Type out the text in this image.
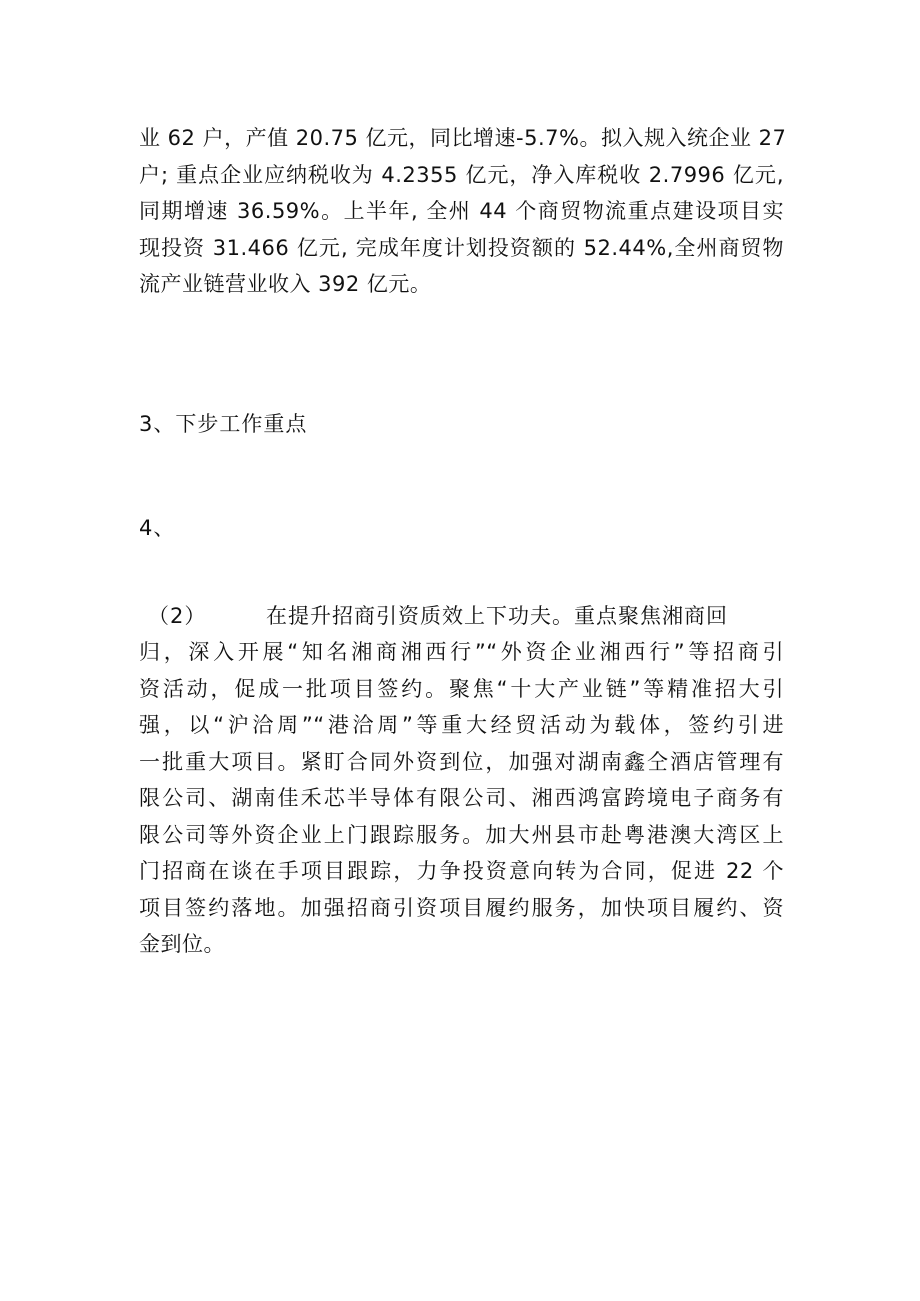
业 62 户，产值 20.75 亿元，同比增速-5.7%。拟入规入统企业 27
户; 重点企业应纳税收为 4.2355 亿元，净入库税收 2.7996 亿元,
同期增速 36.59%。上半年, 全州 44 个商贸物流重点建设项目实
现投资 31.466 亿元, 完成年度计划投资额的 52.44%,全州商贸物
流产业链营业收入 392 亿元。
3、下步工作重点
4、
（2）	在提升招商引资质效上下功夫。重点聚焦湘商回
归，深入开展“知名湘商湘西行”“外资企业湘西行”等招商引
资活动，促成一批项目签约。聚焦“十大产业链”等精准招大引
强，以“沪洽周”“港洽周”等重大经贸活动为载体，签约引进
一批重大项目。紧盯合同外资到位，加强对湖南鑫仝酒店管理有
限公司、湖南佳禾芯半导体有限公司、湘西鸿富跨境电子商务有
限公司等外资企业上门跟踪服务。加大州县市赴粤港澳大湾区上
门招商在谈在手项目跟踪，力争投资意向转为合同，促进 22 个
项目签约落地。加强招商引资项目履约服务，加快项目履约、资
金到位。
